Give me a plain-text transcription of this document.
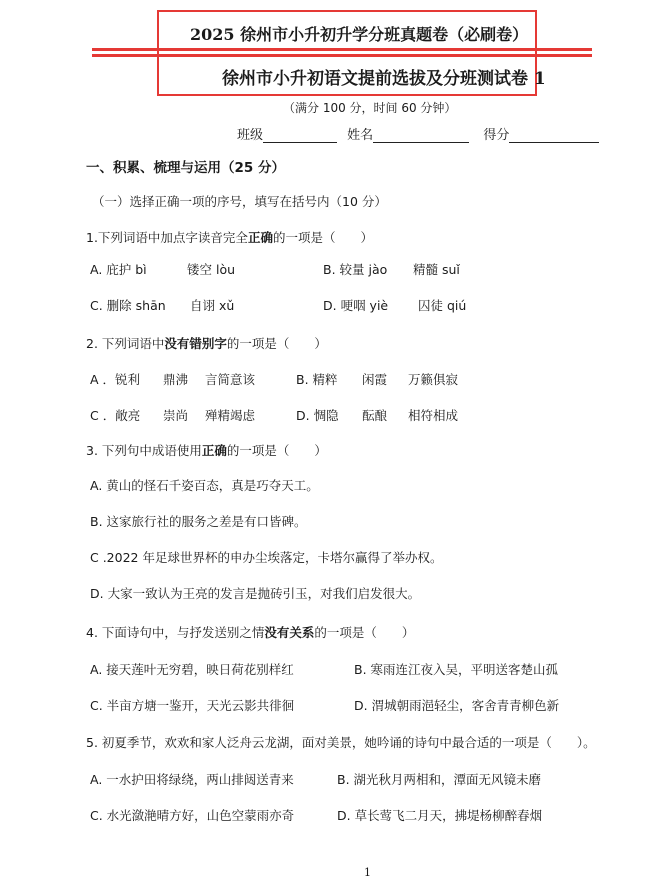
2025 徐州市小升初升学分班真题卷（必刷卷）
徐州市小升初语文提前选拔及分班测试卷 1
（满分 100 分，时间 60 分钟）
班级	姓名	得分
一、积累、梳理与运用（25 分）
（一）选择正确一项的序号，填写在括号内（10 分）
1.下列词语中加点字读音完全正确的一项是（　　）
A. 庇护 bì	镂空 lòu	B. 较量 jào 精髓 suǐ
C. 删除 shān 自诩 xǔ	D. 哽咽 yiè 囚徒 qiú
2. 下列词语中没有错别字的一项是（　　）
A ．锐利 鼎沸 言简意该	B. 精粹 闲霞 万籁俱寂
C ．敞亮 崇尚 殚精竭虑	D. 惆隐 酝酿 相符相成
3. 下列句中成语使用正确的一项是（　　）
A. 黄山的怪石千姿百态，真是巧夺天工。
B. 这家旅行社的服务之差是有口皆碑。
C .2022 年足球世界杯的申办尘埃落定，卡塔尔赢得了举办权。
D. 大家一致认为王亮的发言是抛砖引玉，对我们启发很大。
4. 下面诗句中，与抒发送别之情没有关系的一项是（　　）
A. 接天莲叶无穷碧，映日荷花别样红	B. 寒雨连江夜入吴，平明送客楚山孤
C. 半亩方塘一鉴开，天光云影共徘徊	D. 渭城朝雨浥轻尘，客舍青青柳色新
5. 初夏季节，欢欢和家人泛舟云龙湖，面对美景，她吟诵的诗句中最合适的一项是（　　）。
A. 一水护田将绿绕，两山排闼送青来	B. 湖光秋月两相和，潭面无风镜未磨
C. 水光潋滟晴方好，山色空蒙雨亦奇	D. 草长莺飞二月天，拂堤杨柳醉春烟
1
